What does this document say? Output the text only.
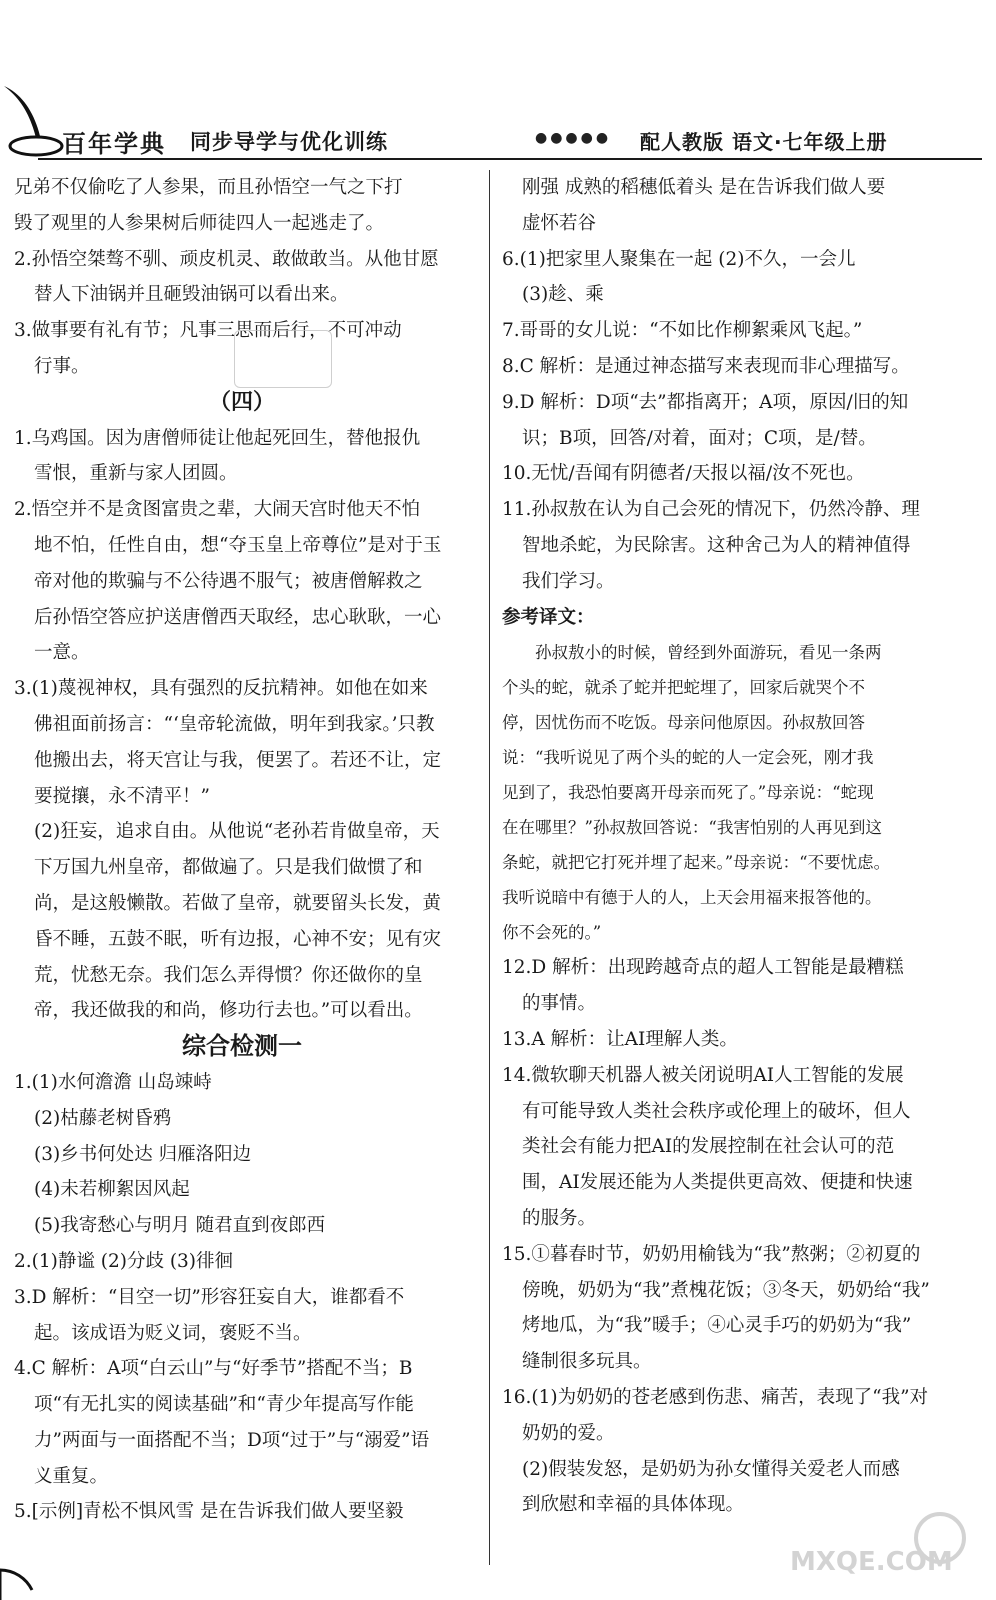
百年学典 同步导学与优化训练	●●●●● 配人教版 语文·七年级上册

兄弟不仅偷吃了人参果，而且孙悟空一气之下打

毁了观里的人参果树后师徒四人一起逃走了。

2.孙悟空桀骜不驯、顽皮机灵、敢做敢当。从他甘愿

替人下油锅并且砸毁油锅可以看出来。

3.做事要有礼有节；凡事三思而后行，不可冲动

行事。

（四）

1.乌鸡国。因为唐僧师徒让他起死回生，替他报仇

雪恨，重新与家人团圆。

2.悟空并不是贪图富贵之辈，大闹天宫时他天不怕

地不怕，任性自由，想“夺玉皇上帝尊位”是对于玉

帝对他的欺骗与不公待遇不服气；被唐僧解救之

后孙悟空答应护送唐僧西天取经，忠心耿耿，一心

一意。

3.(1)蔑视神权，具有强烈的反抗精神。如他在如来

佛祖面前扬言：“‘皇帝轮流做，明年到我家。’只教

他搬出去，将天宫让与我，便罢了。若还不让，定

要搅攘，永不清平！”

(2)狂妄，追求自由。从他说“老孙若肯做皇帝，天

下万国九州皇帝，都做遍了。只是我们做惯了和

尚，是这般懒散。若做了皇帝，就要留头长发，黄

昏不睡，五鼓不眠，听有边报，心神不安；见有灾

荒，忧愁无奈。我们怎么弄得惯？你还做你的皇

帝，我还做我的和尚，修功行去也。”可以看出。

综合检测一

1.(1)水何澹澹 山岛竦峙

(2)枯藤老树昏鸦

(3)乡书何处达 归雁洛阳边

(4)未若柳絮因风起

(5)我寄愁心与明月 随君直到夜郎西

2.(1)静谧 (2)分歧 (3)徘徊

3.D 解析：“目空一切”形容狂妄自大，谁都看不

起。该成语为贬义词，褒贬不当。

4.C 解析：A项“白云山”与“好季节”搭配不当；B

项“有无扎实的阅读基础”和“青少年提高写作能

力”两面与一面搭配不当；D项“过于”与“溺爱”语

义重复。

5.[示例]青松不惧风雪 是在告诉我们做人要坚毅

刚强 成熟的稻穗低着头 是在告诉我们做人要

虚怀若谷

6.(1)把家里人聚集在一起 (2)不久，一会儿

(3)趁、乘

7.哥哥的女儿说：“不如比作柳絮乘风飞起。”

8.C 解析：是通过神态描写来表现而非心理描写。

9.D 解析：D项“去”都指离开；A项，原因/旧的知

识；B项，回答/对着，面对；C项，是/替。

10.无忧/吾闻有阴德者/天报以福/汝不死也。

11.孙叔敖在认为自己会死的情况下，仍然冷静、理

智地杀蛇，为民除害。这种舍己为人的精神值得

我们学习。

参考译文：

孙叔敖小的时候，曾经到外面游玩，看见一条两

个头的蛇，就杀了蛇并把蛇埋了，回家后就哭个不

停，因忧伤而不吃饭。母亲问他原因。孙叔敖回答

说：“我听说见了两个头的蛇的人一定会死，刚才我

见到了，我恐怕要离开母亲而死了。”母亲说：“蛇现

在在哪里？”孙叔敖回答说：“我害怕别的人再见到这

条蛇，就把它打死并埋了起来。”母亲说：“不要忧虑。

我听说暗中有德于人的人，上天会用福来报答他的。

你不会死的。”

12.D 解析：出现跨越奇点的超人工智能是最糟糕

的事情。

13.A 解析：让AI理解人类。

14.微软聊天机器人被关闭说明AI人工智能的发展

有可能导致人类社会秩序或伦理上的破坏，但人

类社会有能力把AI的发展控制在社会认可的范

围，AI发展还能为人类提供更高效、便捷和快速

的服务。

15.①暮春时节，奶奶用榆钱为“我”熬粥；②初夏的

傍晚，奶奶为“我”煮槐花饭；③冬天，奶奶给“我”

烤地瓜，为“我”暖手；④心灵手巧的奶奶为“我”

缝制很多玩具。

16.(1)为奶奶的苍老感到伤悲、痛苦，表现了“我”对

奶奶的爱。

(2)假装发怒，是奶奶为孙女懂得关爱老人而感

到欣慰和幸福的具体体现。

MXQE.COM
